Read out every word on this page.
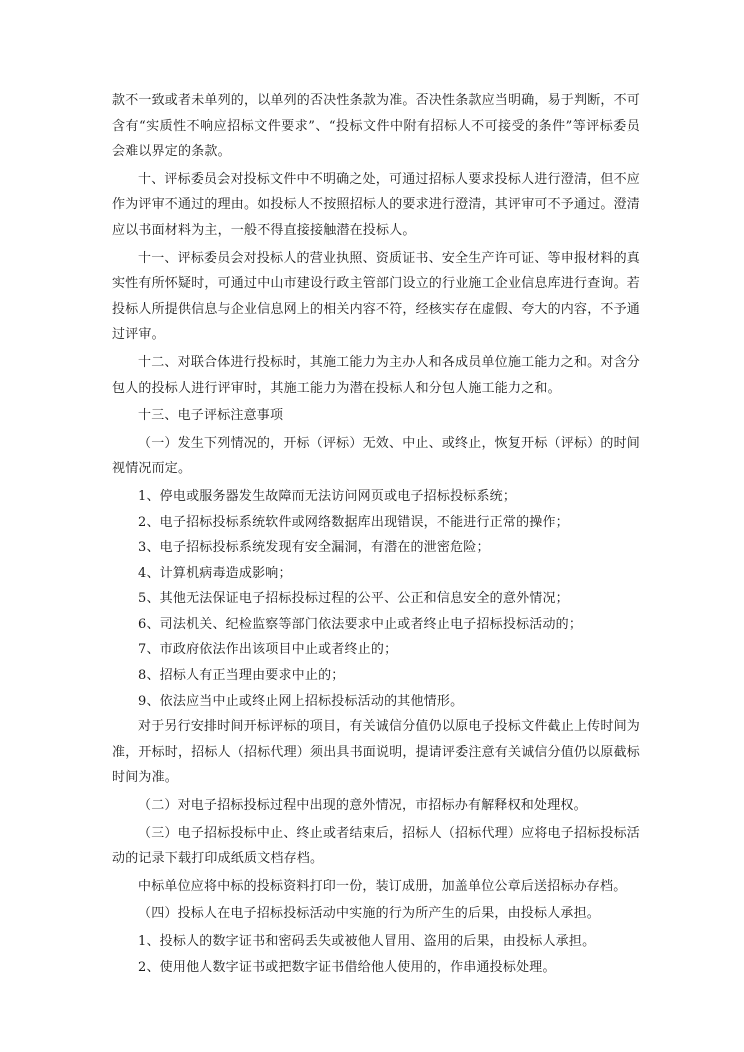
款不一致或者未单列的，以单列的否决性条款为准。否决性条款应当明确，易于判断，不可含有“实质性不响应招标文件要求”、“投标文件中附有招标人不可接受的条件”等评标委员会难以界定的条款。

十、评标委员会对投标文件中不明确之处，可通过招标人要求投标人进行澄清，但不应作为评审不通过的理由。如投标人不按照招标人的要求进行澄清，其评审可不予通过。澄清应以书面材料为主，一般不得直接接触潜在投标人。

十一、评标委员会对投标人的营业执照、资质证书、安全生产许可证、等申报材料的真实性有所怀疑时，可通过中山市建设行政主管部门设立的行业施工企业信息库进行查询。若投标人所提供信息与企业信息网上的相关内容不符，经核实存在虚假、夸大的内容，不予通过评审。

十二、对联合体进行投标时，其施工能力为主办人和各成员单位施工能力之和。对含分包人的投标人进行评审时，其施工能力为潜在投标人和分包人施工能力之和。

十三、电子评标注意事项

（一）发生下列情况的，开标（评标）无效、中止、或终止，恢复开标（评标）的时间视情况而定。

1、停电或服务器发生故障而无法访问网页或电子招标投标系统；

2、电子招标投标系统软件或网络数据库出现错误，不能进行正常的操作；

3、电子招标投标系统发现有安全漏洞，有潜在的泄密危险；

4、计算机病毒造成影响；

5、其他无法保证电子招标投标过程的公平、公正和信息安全的意外情况；

6、司法机关、纪检监察等部门依法要求中止或者终止电子招标投标活动的；

7、市政府依法作出该项目中止或者终止的；

8、招标人有正当理由要求中止的；

9、依法应当中止或终止网上招标投标活动的其他情形。

对于另行安排时间开标评标的项目，有关诚信分值仍以原电子投标文件截止上传时间为准，开标时，招标人（招标代理）须出具书面说明，提请评委注意有关诚信分值仍以原截标时间为准。

（二）对电子招标投标过程中出现的意外情况，市招标办有解释权和处理权。

（三）电子招标投标中止、终止或者结束后，招标人（招标代理）应将电子招标投标活动的记录下载打印成纸质文档存档。

中标单位应将中标的投标资料打印一份，装订成册，加盖单位公章后送招标办存档。

（四）投标人在电子招标投标活动中实施的行为所产生的后果，由投标人承担。

1、投标人的数字证书和密码丢失或被他人冒用、盗用的后果，由投标人承担。

2、使用他人数字证书或把数字证书借给他人使用的，作串通投标处理。
